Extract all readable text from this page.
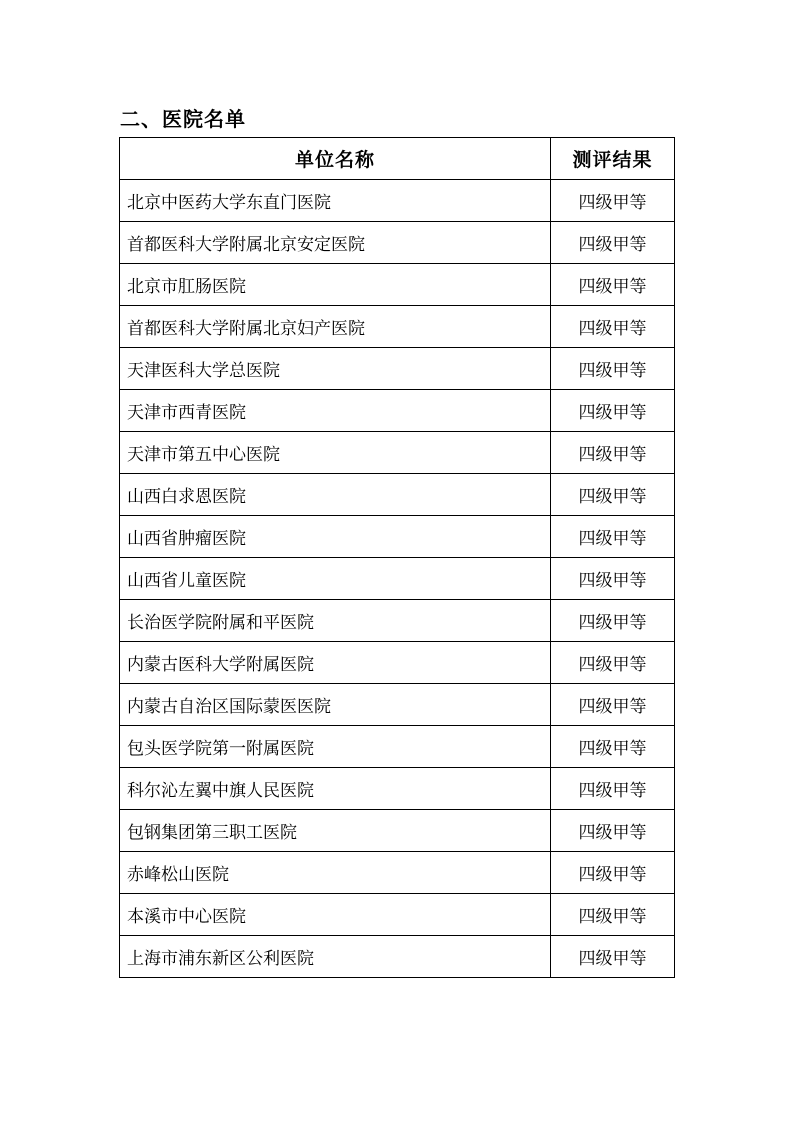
二、医院名单
单位名称	测评结果
北京中医药大学东直门医院	四级甲等
首都医科大学附属北京安定医院	四级甲等
北京市肛肠医院	四级甲等
首都医科大学附属北京妇产医院	四级甲等
天津医科大学总医院	四级甲等
天津市西青医院	四级甲等
天津市第五中心医院	四级甲等
山西白求恩医院	四级甲等
山西省肿瘤医院	四级甲等
山西省儿童医院	四级甲等
长治医学院附属和平医院	四级甲等
内蒙古医科大学附属医院	四级甲等
内蒙古自治区国际蒙医医院	四级甲等
包头医学院第一附属医院	四级甲等
科尔沁左翼中旗人民医院	四级甲等
包钢集团第三职工医院	四级甲等
赤峰松山医院	四级甲等
本溪市中心医院	四级甲等
上海市浦东新区公利医院	四级甲等
